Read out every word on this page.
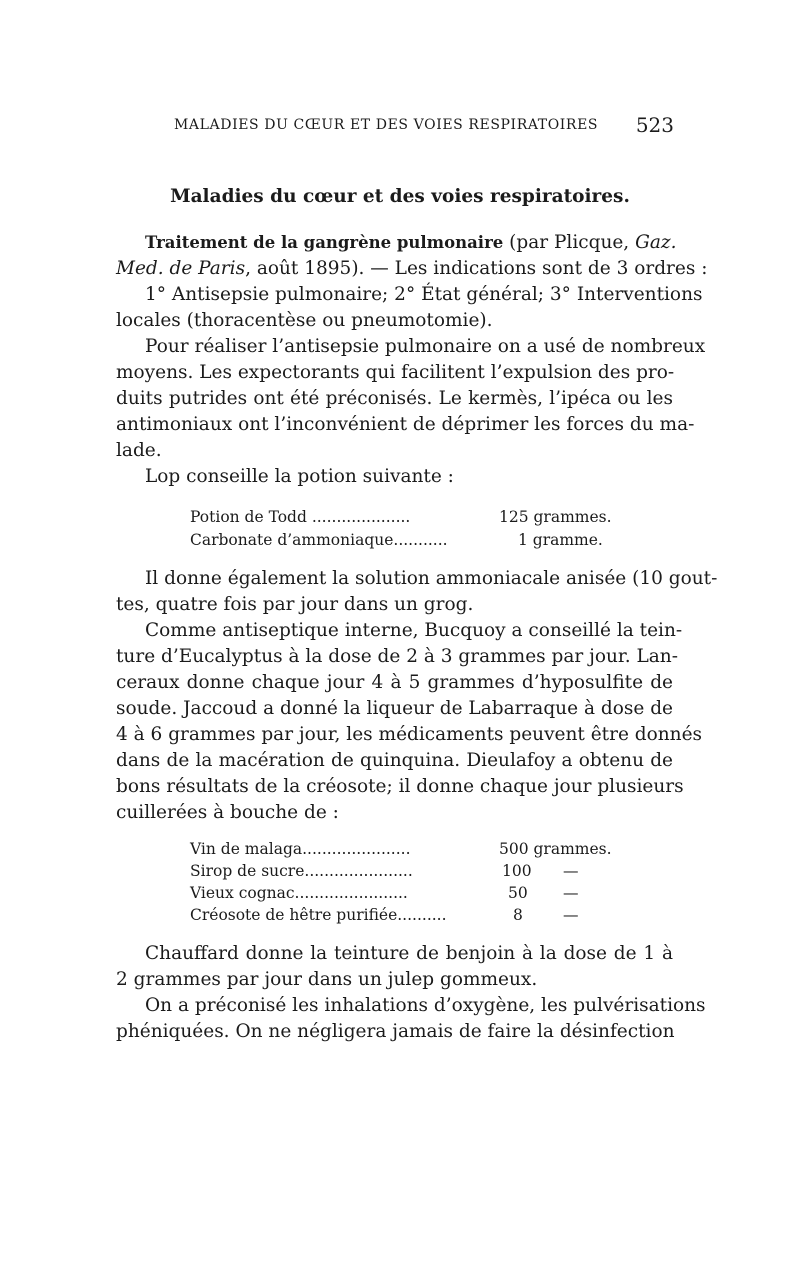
MALADIES DU CŒUR ET DES VOIES RESPIRATOIRES 523
Maladies du cœur et des voies respiratoires.
Traitement de la gangrène pulmonaire (par Plicque, Gaz.
Med. de Paris, août 1895). — Les indications sont de 3 ordres :
1° Antisepsie pulmonaire; 2° État général; 3° Interventions
locales (thoracentèse ou pneumotomie).
Pour réaliser l’antisepsie pulmonaire on a usé de nombreux
moyens. Les expectorants qui facilitent l’expulsion des pro-
duits putrides ont été préconisés. Le kermès, l’ipéca ou les
antimoniaux ont l’inconvénient de déprimer les forces du ma-
lade.
Lop conseille la potion suivante :
Potion de Todd ....................	125 grammes.
Carbonate d’ammoniaque...........	1 gramme.
Il donne également la solution ammoniacale anisée (10 gout-
tes, quatre fois par jour dans un grog.
Comme antiseptique interne, Bucquoy a conseillé la tein-
ture d’Eucalyptus à la dose de 2 à 3 grammes par jour. Lan-
ceraux donne chaque jour 4 à 5 grammes d’hyposulfite de
soude. Jaccoud a donné la liqueur de Labarraque à dose de
4 à 6 grammes par jour, les médicaments peuvent être donnés
dans de la macération de quinquina. Dieulafoy a obtenu de
bons résultats de la créosote; il donne chaque jour plusieurs
cuillerées à bouche de :
Vin de malaga......................	500 grammes.
Sirop de sucre......................	100 —
Vieux cognac.......................	50 —
Créosote de hêtre purifiée..........	8	—
Chauffard donne la teinture de benjoin à la dose de 1 à
2 grammes par jour dans un julep gommeux.
On a préconisé les inhalations d’oxygène, les pulvérisations
phéniquées. On ne négligera jamais de faire la désinfection
